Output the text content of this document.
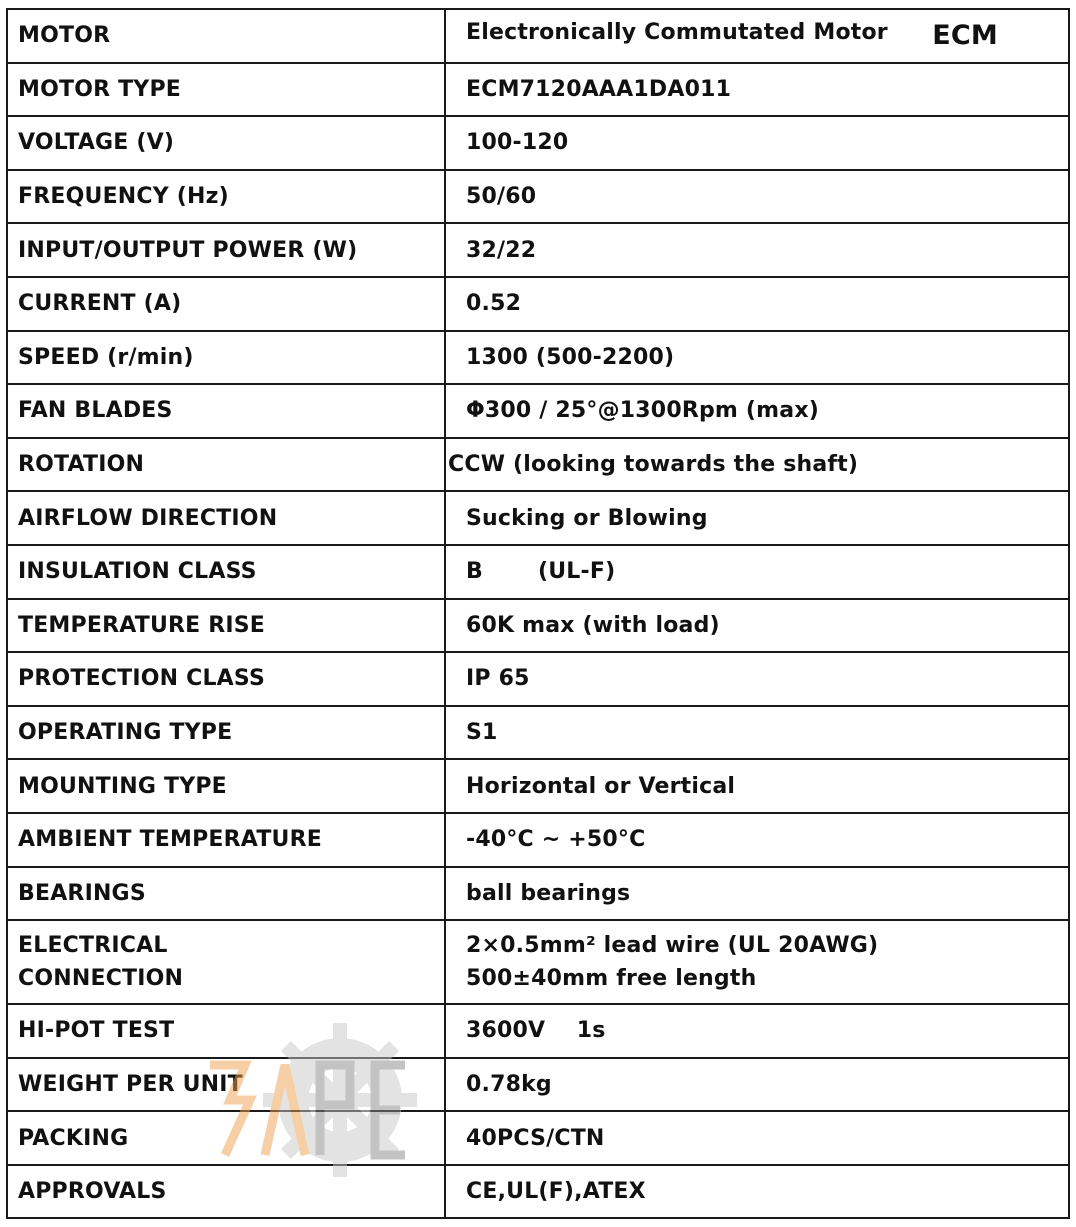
MOTOR	Electronically Commutated Motor ECM

MOTOR TYPE	ECM7120AAA1DA011
VOLTAGE (V)	100-120
FREQUENCY (Hz)	50/60
INPUT/OUTPUT POWER (W)	32/22
CURRENT (A)	0.52
SPEED (r/min)	1300 (500-2200)
FAN BLADES	Φ300 / 25°@1300Rpm (max)
ROTATION	CCW (looking towards the shaft)
AIRFLOW DIRECTION	Sucking or Blowing
INSULATION CLASS	B       (UL-F)
TEMPERATURE RISE	60K max (with load)
PROTECTION CLASS	IP 65
OPERATING TYPE	S1
MOUNTING TYPE	Horizontal or Vertical
AMBIENT TEMPERATURE	-40°C ~ +50°C
BEARINGS	ball bearings

ELECTRICAL
CONNECTION	2×0.5mm² lead wire (UL 20AWG)
500±40mm free length

HI-POT TEST	3600V    1s
WEIGHT PER UNIT	0.78kg
PACKING	40PCS/CTN
APPROVALS	CE,UL(F),ATEX
